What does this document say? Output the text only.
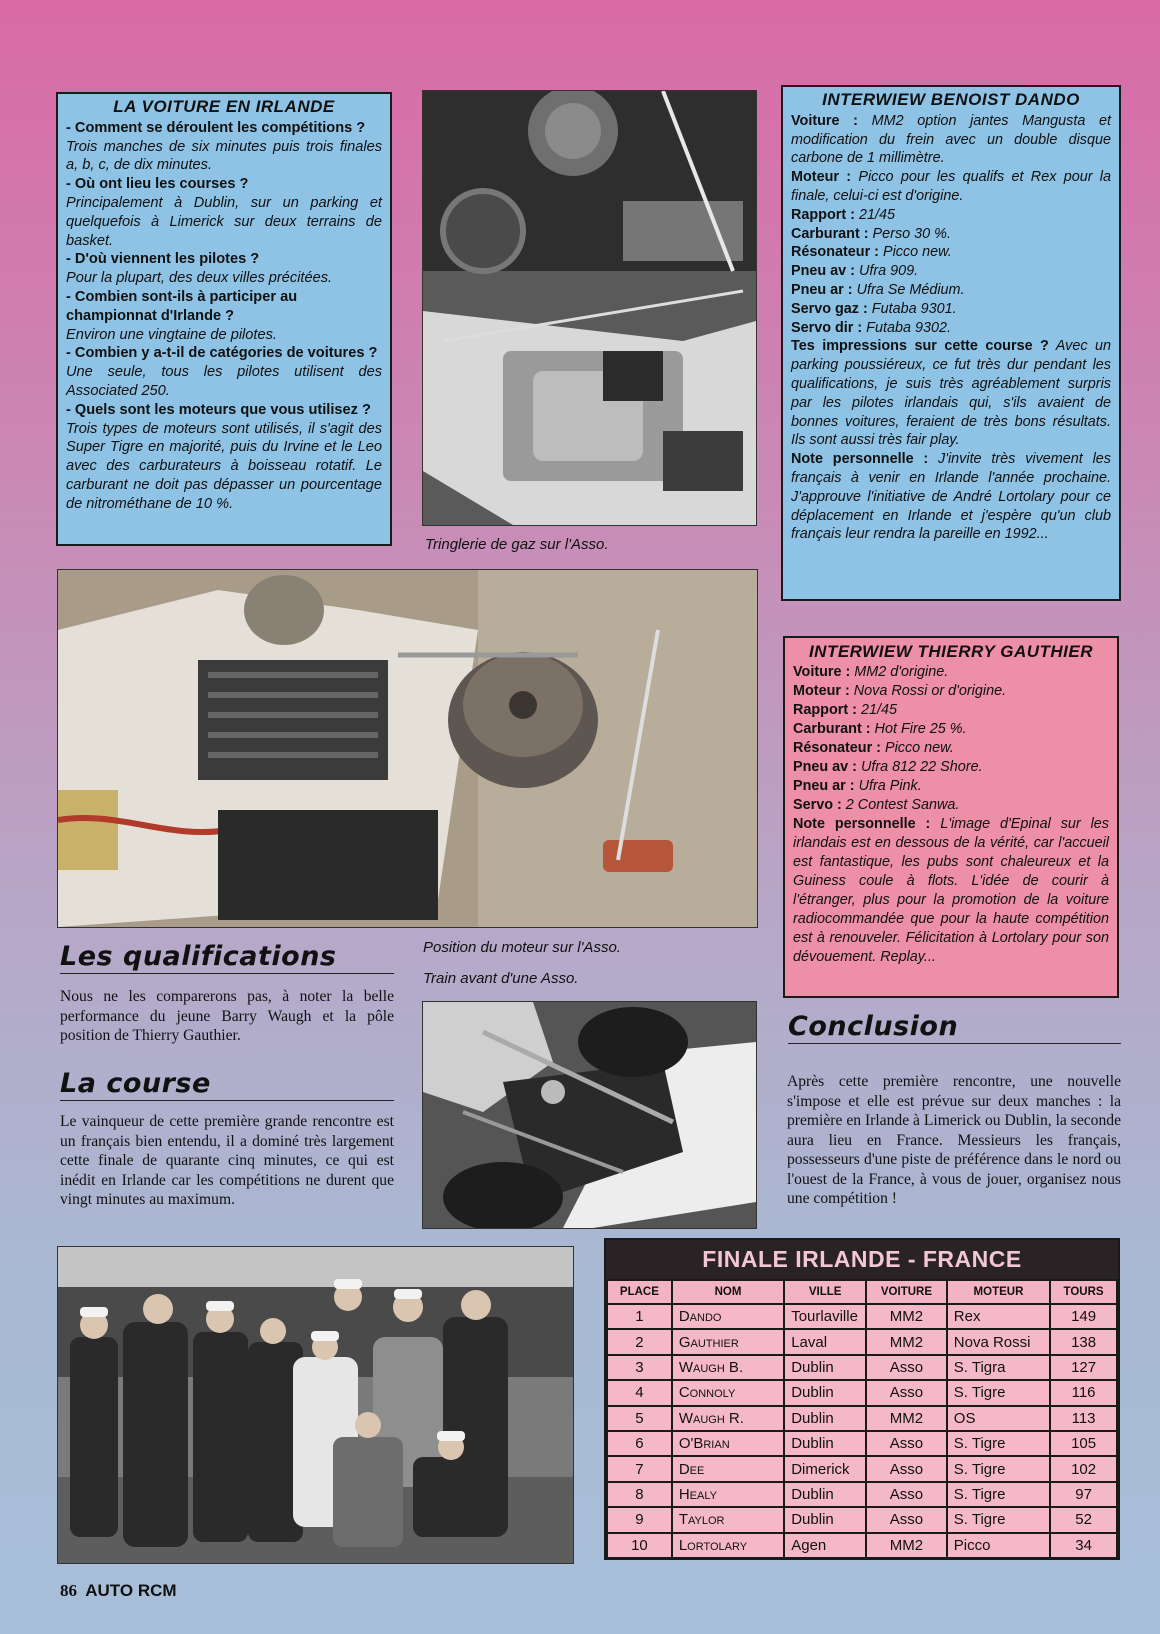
LA VOITURE EN IRLANDE
- Comment se déroulent les compétitions ?
Trois manches de six minutes puis trois finales a, b, c, de dix minutes.
- Où ont lieu les courses ?
Principalement à Dublin, sur un parking et quelquefois à Limerick sur deux terrains de basket.
- D'où viennent les pilotes ?
Pour la plupart, des deux villes précitées.
- Combien sont-ils à participer au championnat d'Irlande ?
Environ une vingtaine de pilotes.
- Combien y a-t-il de catégories de voitures ?
Une seule, tous les pilotes utilisent des Associated 250.
- Quels sont les moteurs que vous utilisez ?
Trois types de moteurs sont utilisés, il s'agit des Super Tigre en majorité, puis du Irvine et le Leo avec des carburateurs à boisseau rotatif. Le carburant ne doit pas dépasser un pourcentage de nitrométhane de 10 %.
Tringlerie de gaz sur l'Asso.
INTERWIEW BENOIST DANDO
Voiture : MM2 option jantes Mangusta et modification du frein avec un double disque carbone de 1 millimètre.
Moteur : Picco pour les qualifs et Rex pour la finale, celui-ci est d'origine.
Rapport : 21/45
Carburant : Perso 30 %.
Résonateur : Picco new.
Pneu av : Ufra 909.
Pneu ar : Ufra Se Médium.
Servo gaz : Futaba 9301.
Servo dir : Futaba 9302.
Tes impressions sur cette course ? Avec un parking poussiéreux, ce fut très dur pendant les qualifications, je suis très agréablement surpris par les pilotes irlandais qui, s'ils avaient de bonnes voitures, feraient de très bons résultats. Ils sont aussi très fair play.
Note personnelle : J'invite très vivement les français à venir en Irlande l'année prochaine. J'approuve l'initiative de André Lortolary pour ce déplacement en Irlande et j'espère qu'un club français leur rendra la pareille en 1992...
Position du moteur sur l'Asso.
Train avant d'une Asso.
INTERWIEW THIERRY GAUTHIER
Voiture : MM2 d'origine.
Moteur : Nova Rossi or d'origine.
Rapport : 21/45
Carburant : Hot Fire 25 %.
Résonateur : Picco new.
Pneu av : Ufra 812 22 Shore.
Pneu ar : Ufra Pink.
Servo : 2 Contest Sanwa.
Note personnelle : L'image d'Epinal sur les irlandais est en dessous de la vérité, car l'accueil est fantastique, les pubs sont chaleureux et la Guiness coule à flots. L'idée de courir à l'étranger, plus pour la promotion de la voiture radiocommandée que pour la haute compétition est à renouveler. Félicitation à Lortolary pour son dévouement. Replay...
Les qualifications
Nous ne les comparerons pas, à noter la belle performance du jeune Barry Waugh et la pôle position de Thierry Gauthier.
La course
Le vainqueur de cette première grande rencontre est un français bien entendu, il a dominé très largement cette finale de quarante cinq minutes, ce qui est inédit en Irlande car les compétitions ne durent que vingt minutes au maximum.
Conclusion
Après cette première rencontre, une nouvelle s'impose et elle est prévue sur deux manches : la première en Irlande à Limerick ou Dublin, la seconde aura lieu en France. Messieurs les français, possesseurs d'une piste de préférence dans le nord ou l'ouest de la France, à vous de jouer, organisez nous une compétition !
FINALE IRLANDE - FRANCE
PLACE	NOM	VILLE	VOITURE	MOTEUR	TOURS
1	Dando	Tourlaville	MM2	Rex	149
2	Gauthier	Laval	MM2	Nova Rossi	138
3	Waugh B.	Dublin	Asso	S. Tigra	127
4	Connoly	Dublin	Asso	S. Tigre	116
5	Waugh R.	Dublin	MM2	OS	113
6	O'Brian	Dublin	Asso	S. Tigre	105
7	Dee	Dimerick	Asso	S. Tigre	102
8	Healy	Dublin	Asso	S. Tigre	97
9	Taylor	Dublin	Asso	S. Tigre	52
10	Lortolary	Agen	MM2	Picco	34
86 AUTO RCM
